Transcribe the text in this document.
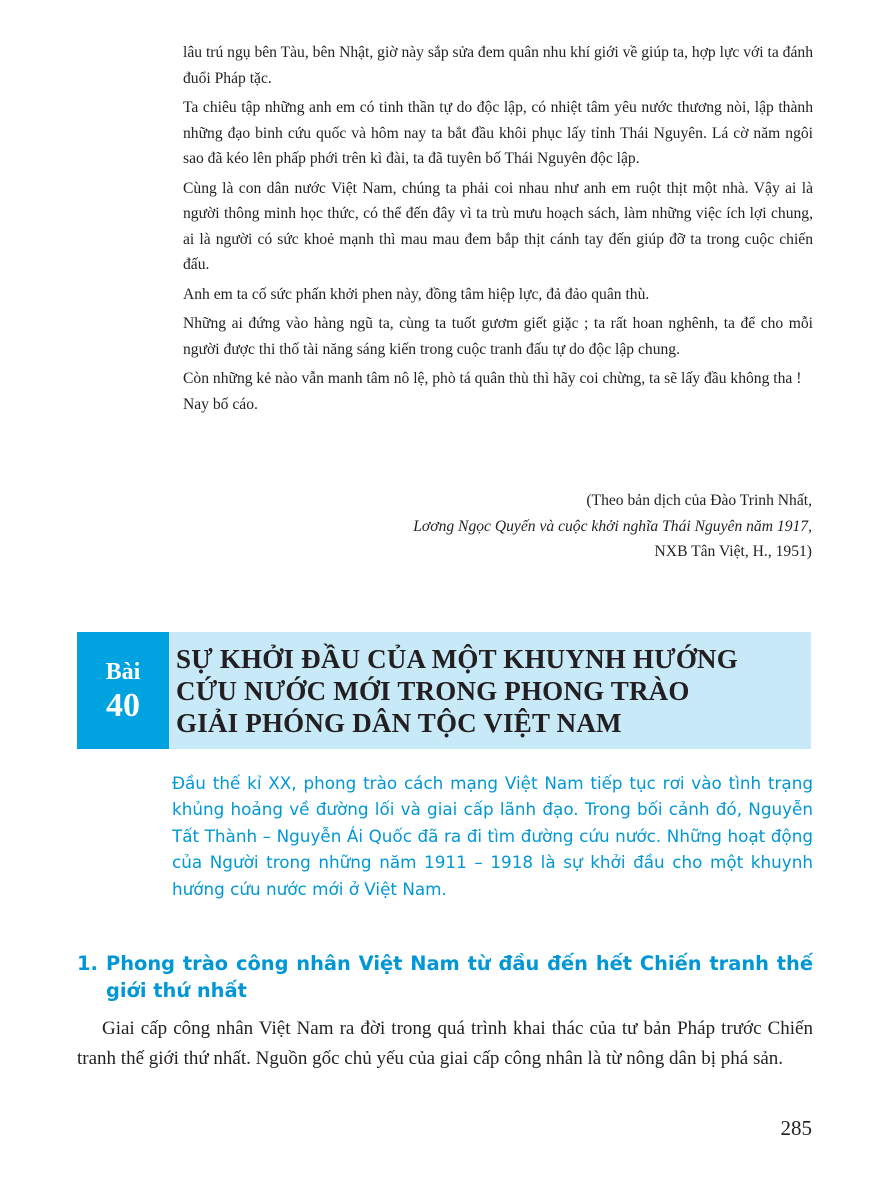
lâu trú ngụ bên Tàu, bên Nhật, giờ này sắp sửa đem quân nhu khí giới về giúp ta, hợp lực với ta đánh đuổi Pháp tặc.

Ta chiêu tập những anh em có tinh thần tự do độc lập, có nhiệt tâm yêu nước thương nòi, lập thành những đạo binh cứu quốc và hôm nay ta bắt đầu khôi phục lấy tỉnh Thái Nguyên. Lá cờ năm ngôi sao đã kéo lên phấp phới trên kì đài, ta đã tuyên bố Thái Nguyên độc lập.

Cùng là con dân nước Việt Nam, chúng ta phải coi nhau như anh em ruột thịt một nhà. Vậy ai là người thông minh học thức, có thể đến đây vì ta trù mưu hoạch sách, làm những việc ích lợi chung, ai là người có sức khoẻ mạnh thì mau mau đem bắp thịt cánh tay đến giúp đỡ ta trong cuộc chiến đấu.

Anh em ta cố sức phấn khởi phen này, đồng tâm hiệp lực, đả đảo quân thù.

Những ai đứng vào hàng ngũ ta, cùng ta tuốt gươm giết giặc ; ta rất hoan nghênh, ta để cho mỗi người được thi thố tài năng sáng kiến trong cuộc tranh đấu tự do độc lập chung.

Còn những kẻ nào vẫn manh tâm nô lệ, phò tá quân thù thì hãy coi chừng, ta sẽ lấy đầu không tha !

Nay bố cáo.

(Theo bản dịch của Đào Trinh Nhất,
Lơơng Ngọc Quyến và cuộc khởi nghĩa Thái Nguyên năm 1917,
NXB Tân Việt, H., 1951)
Bài
40
SỰ KHỞI ĐẦU CỦA MỘT KHUYNH HƯỚNG
CỨU NƯỚC MỚI TRONG PHONG TRÀO
GIẢI PHÓNG DÂN TỘC VIỆT NAM

Đầu thế kỉ XX, phong trào cách mạng Việt Nam tiếp tục rơi vào tình trạng khủng hoảng về đường lối và giai cấp lãnh đạo. Trong bối cảnh đó, Nguyễn Tất Thành – Nguyễn Ái Quốc đã ra đi tìm đường cứu nước. Những hoạt động của Người trong những năm 1911 – 1918 là sự khởi đầu cho một khuynh hướng cứu nước mới ở Việt Nam.

1. Phong trào công nhân Việt Nam từ đầu đến hết Chiến tranh thế giới thứ nhất

Giai cấp công nhân Việt Nam ra đời trong quá trình khai thác của tư bản Pháp trước Chiến tranh thế giới thứ nhất. Nguồn gốc chủ yếu của giai cấp công nhân là từ nông dân bị phá sản.

285
